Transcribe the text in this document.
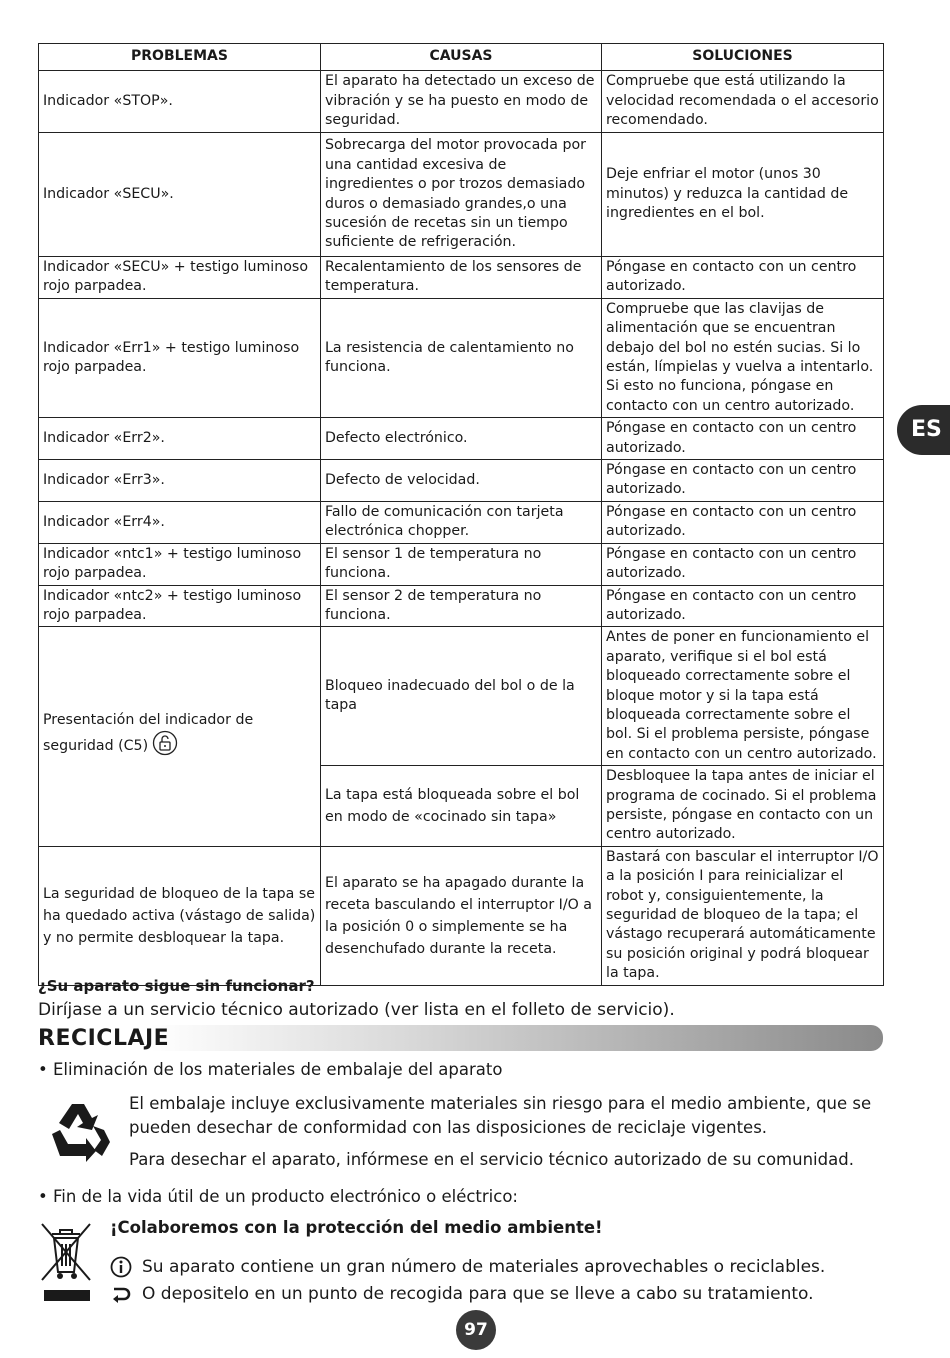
PROBLEMAS	CAUSAS	SOLUCIONES
Indicador «STOP».	El aparato ha detectado un exceso de vibración y se ha puesto en modo de seguridad.	Compruebe que está utilizando la velocidad recomendada o el accesorio recomendado.
Indicador «SECU».	Sobrecarga del motor provocada por una cantidad excesiva de ingredientes o por trozos demasiado duros o demasiado grandes,o una sucesión de recetas sin un tiempo suficiente de refrigeración.	Deje enfriar el motor (unos 30 minutos) y reduzca la cantidad de ingredientes en el bol.
Indicador «SECU» + testigo luminoso rojo parpadea.	Recalentamiento de los sensores de temperatura.	Póngase en contacto con un centro autorizado.
Indicador «Err1» + testigo luminoso rojo parpadea.	La resistencia de calentamiento no funciona.	Compruebe que las clavijas de alimentación que se encuentran debajo del bol no estén sucias. Si lo están, límpielas y vuelva a intentarlo. Si esto no funciona, póngase en contacto con un centro autorizado.
Indicador «Err2».	Defecto electrónico.	Póngase en contacto con un centro autorizado.
Indicador «Err3».	Defecto de velocidad.	Póngase en contacto con un centro autorizado.
Indicador «Err4».	Fallo de comunicación con tarjeta electrónica chopper.	Póngase en contacto con un centro autorizado.
Indicador «ntc1» + testigo luminoso rojo parpadea.	El sensor 1 de temperatura no funciona.	Póngase en contacto con un centro autorizado.
Indicador «ntc2» + testigo luminoso rojo parpadea.	El sensor 2 de temperatura no funciona.	Póngase en contacto con un centro autorizado.
Presentación del indicador de seguridad (C5)	Bloqueo inadecuado del bol o de la tapa	Antes de poner en funcionamiento el aparato, verifique si el bol está bloqueado correctamente sobre el bloque motor y si la tapa está bloqueada correctamente sobre el bol. Si el problema persiste, póngase en contacto con un centro autorizado.
	La tapa está bloqueada sobre el bol en modo de «cocinado sin tapa»	Desbloquee la tapa antes de iniciar el programa de cocinado. Si el problema persiste, póngase en contacto con un centro autorizado.
La seguridad de bloqueo de la tapa se ha quedado activa (vástago de salida) y no permite desbloquear la tapa.	El aparato se ha apagado durante la receta basculando el interruptor I/O a la posición 0 o simplemente se ha desenchufado durante la receta.	Bastará con bascular el interruptor I/O a la posición I para reinicializar el robot y, consiguientemente, la seguridad de bloqueo de la tapa; el vástago recuperará automáticamente su posición original y podrá bloquear la tapa.
ES
¿Su aparato sigue sin funcionar?
Diríjase a un servicio técnico autorizado (ver lista en el folleto de servicio).
RECICLAJE
• Eliminación de los materiales de embalaje del aparato
El embalaje incluye exclusivamente materiales sin riesgo para el medio ambiente, que se pueden desechar de conformidad con las disposiciones de reciclaje vigentes.
Para desechar el aparato, infórmese en el servicio técnico autorizado de su comunidad.
• Fin de la vida útil de un producto electrónico o eléctrico:
¡Colaboremos con la protección del medio ambiente!
Su aparato contiene un gran número de materiales aprovechables o reciclables.
O depositelo en un punto de recogida para que se lleve a cabo su tratamiento.
97
